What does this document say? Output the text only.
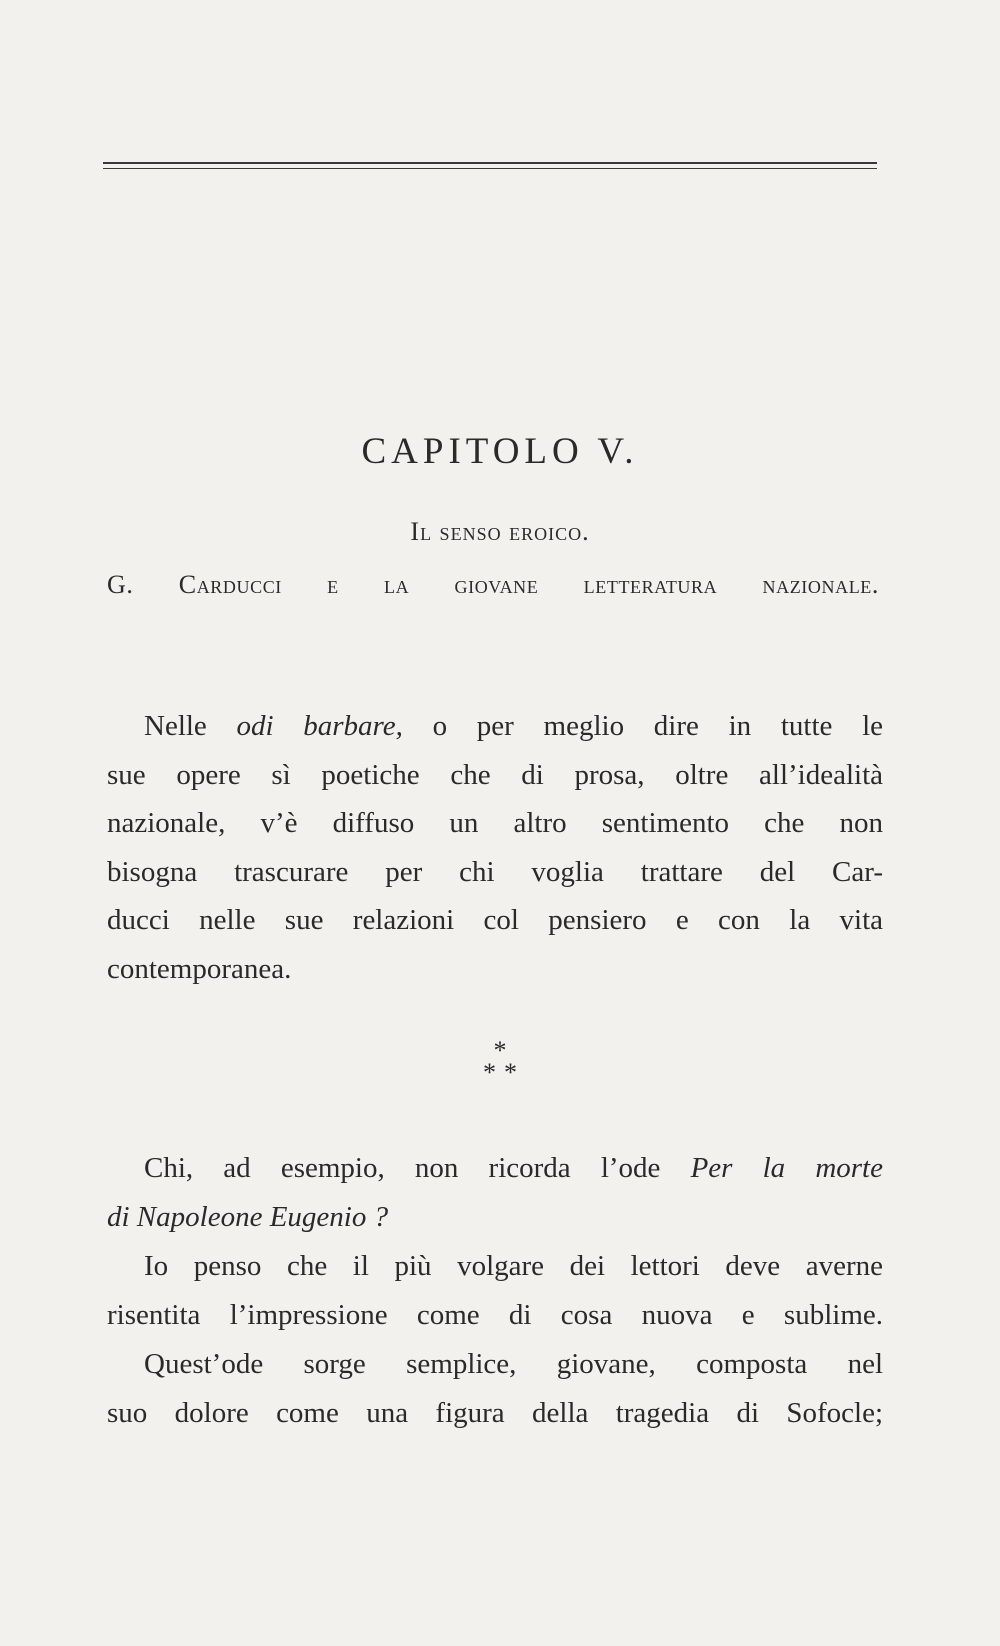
CAPITOLO V.
Il senso eroico.
G. Carducci e la giovane letteratura nazionale.

Nelle odi barbare, o per meglio dire in tutte le
sue opere sì poetiche che di prosa, oltre all’idealità
nazionale, v’è diffuso un altro sentimento che non
bisogna trascurare per chi voglia trattare del Car-
ducci nelle sue relazioni col pensiero e con la vita
contemporanea.

*
**

Chi, ad esempio, non ricorda l’ode Per la morte
di Napoleone Eugenio ?

Io penso che il più volgare dei lettori deve averne
risentita l’impressione come di cosa nuova e sublime.

Quest’ode sorge semplice, giovane, composta nel
suo dolore come una figura della tragedia di Sofocle;
